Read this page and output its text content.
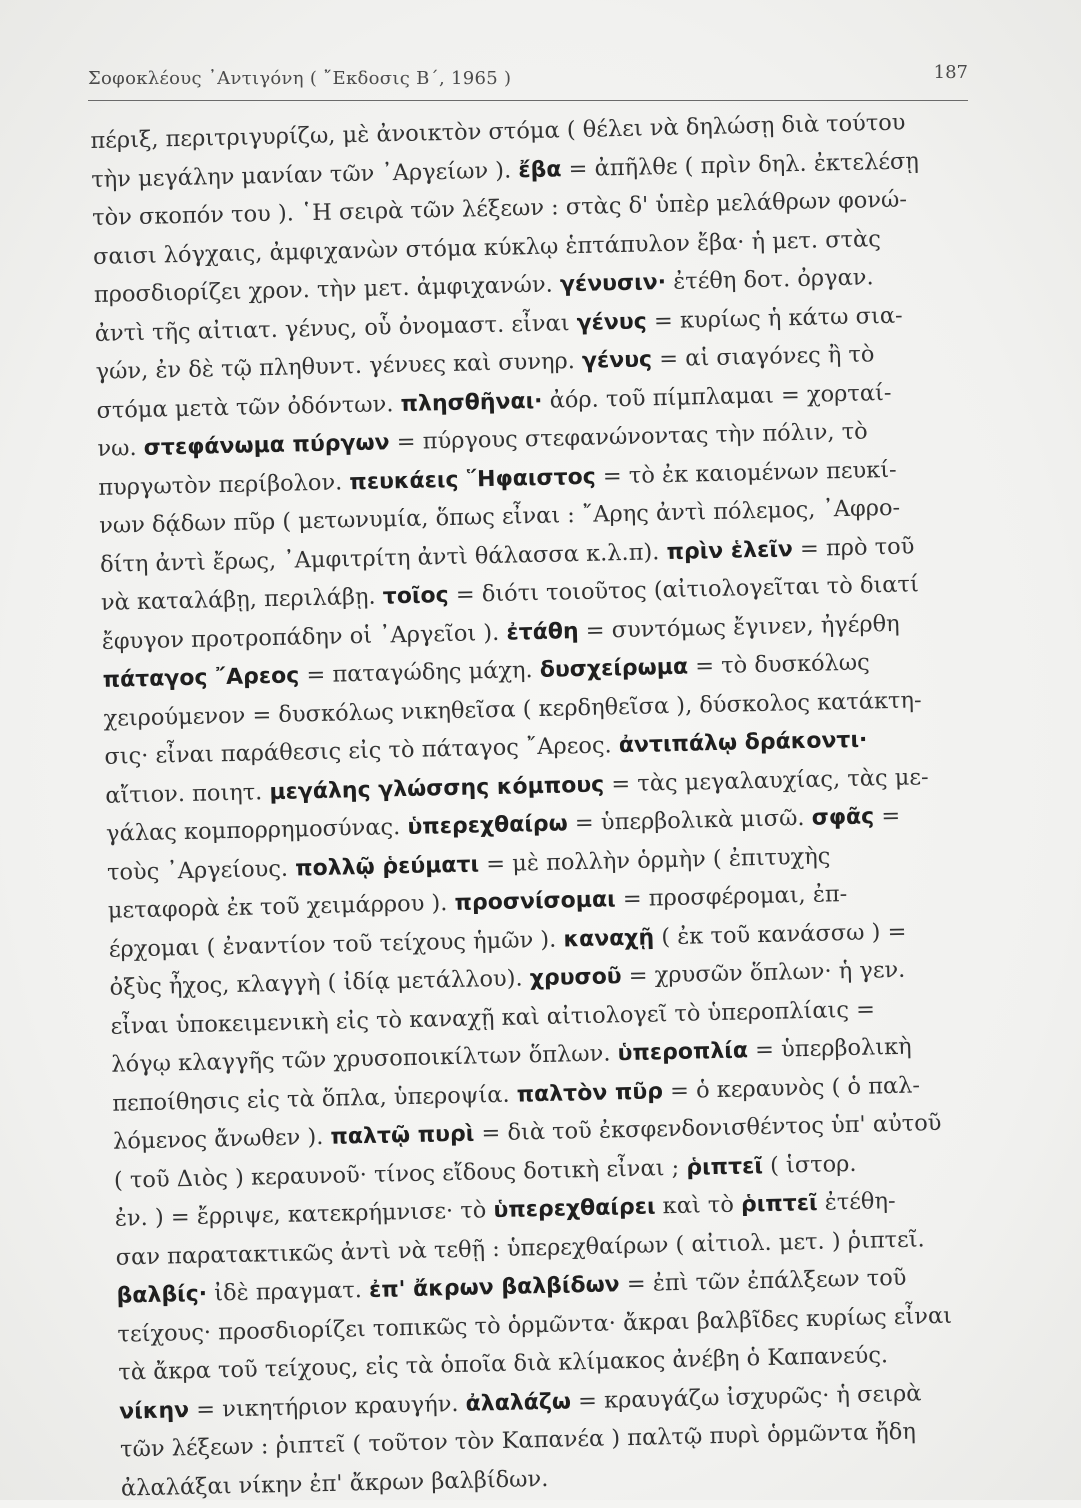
Σοφοκλέους ᾿Αντιγόνη ( ῎Εκδοσις Β΄, 1965 )	187
πέριξ, περιτριγυρίζω, μὲ ἀνοικτὸν στόμα ( θέλει νὰ δηλώσῃ διὰ τούτου
τὴν μεγάλην μανίαν τῶν ᾿Αργείων ). ἔβα = ἀπῆλθε ( πρὶν δηλ. ἐκτελέσῃ
τὸν σκοπόν του ). ῾Η σειρὰ τῶν λέξεων : στὰς δ' ὑπὲρ μελάθρων φονώ-
σαισι λόγχαις, ἀμφιχανὼν στόμα κύκλῳ ἑπτάπυλον ἔβα· ἡ μετ. στὰς
προσδιορίζει χρον. τὴν μετ. ἀμφιχανών. γένυσιν· ἐτέθη δοτ. ὀργαν.
ἀντὶ τῆς αἰτιατ. γένυς, οὗ ὀνομαστ. εἶναι γένυς = κυρίως ἡ κάτω σια-
γών, ἐν δὲ τῷ πληθυντ. γένυες καὶ συνηρ. γένυς = αἱ σιαγόνες ἢ τὸ
στόμα μετὰ τῶν ὀδόντων. πλησθῆναι· ἀόρ. τοῦ πίμπλαμαι = χορταί-
νω. στεφάνωμα πύργων = πύργους στεφανώνοντας τὴν πόλιν, τὸ
πυργωτὸν περίβολον. πευκάεις ῞Ηφαιστος = τὸ ἐκ καιομένων πευκί-
νων δᾴδων πῦρ ( μετωνυμία, ὅπως εἶναι : ῎Αρης ἀντὶ πόλεμος, ᾿Αφρο-
δίτη ἀντὶ ἔρως, ᾿Αμφιτρίτη ἀντὶ θάλασσα κ.λ.π). πρὶν ἑλεῖν = πρὸ τοῦ
νὰ καταλάβῃ, περιλάβῃ. τοῖος = διότι τοιοῦτος (αἰτιολογεῖται τὸ διατί
ἔφυγον προτροπάδην οἱ ᾿Αργεῖοι ). ἐτάθη = συντόμως ἔγινεν, ἠγέρθη
πάταγος ῎Αρεος = παταγώδης μάχη. δυσχείρωμα = τὸ δυσκόλως
χειρούμενον = δυσκόλως νικηθεῖσα ( κερδηθεῖσα ), δύσκολος κατάκτη-
σις· εἶναι παράθεσις εἰς τὸ πάταγος ῎Αρεος. ἀντιπάλῳ δράκοντι·
αἴτιον. ποιητ. μεγάλης γλώσσης κόμπους = τὰς μεγαλαυχίας, τὰς με-
γάλας κομπορρημοσύνας. ὑπερεχθαίρω = ὑπερβολικὰ μισῶ. σφᾶς =
τοὺς ᾿Αργείους. πολλῷ ῥεύματι = μὲ πολλὴν ὁρμὴν ( ἐπιτυχὴς
μεταφορὰ ἐκ τοῦ χειμάρρου ). προσνίσομαι = προσφέρομαι, ἐπ-
έρχομαι ( ἐναντίον τοῦ τείχους ἡμῶν ). καναχῇ ( ἐκ τοῦ κανάσσω ) =
ὀξὺς ἦχος, κλαγγὴ ( ἰδίᾳ μετάλλου). χρυσοῦ = χρυσῶν ὅπλων· ἡ γεν.
εἶναι ὑποκειμενικὴ εἰς τὸ καναχῇ καὶ αἰτιολογεῖ τὸ ὑπεροπλίαις =
λόγῳ κλαγγῆς τῶν χρυσοποικίλτων ὅπλων. ὑπεροπλία = ὑπερβολικὴ
πεποίθησις εἰς τὰ ὅπλα, ὑπεροψία. παλτὸν πῦρ = ὁ κεραυνὸς ( ὁ παλ-
λόμενος ἄνωθεν ). παλτῷ πυρὶ = διὰ τοῦ ἐκσφενδονισθέντος ὑπ' αὐτοῦ
( τοῦ Διὸς ) κεραυνοῦ· τίνος εἴδους δοτικὴ εἶναι ; ῥιπτεῖ ( ἱστορ.
ἐν. ) = ἔρριψε, κατεκρήμνισε· τὸ ὑπερεχθαίρει καὶ τὸ ῥιπτεῖ ἐτέθη-
σαν παρατακτικῶς ἀντὶ νὰ τεθῇ : ὑπερεχθαίρων ( αἰτιολ. μετ. ) ῥιπτεῖ.
βαλβίς· ἰδὲ πραγματ. ἐπ' ἄκρων βαλβίδων = ἐπὶ τῶν ἐπάλξεων τοῦ
τείχους· προσδιορίζει τοπικῶς τὸ ὁρμῶντα· ἄκραι βαλβῖδες κυρίως εἶναι
τὰ ἄκρα τοῦ τείχους, εἰς τὰ ὁποῖα διὰ κλίμακος ἀνέβη ὁ Καπανεύς.
νίκην = νικητήριον κραυγήν. ἀλαλάζω = κραυγάζω ἰσχυρῶς· ἡ σειρὰ
τῶν λέξεων : ῥιπτεῖ ( τοῦτον τὸν Καπανέα ) παλτῷ πυρὶ ὁρμῶντα ἤδη
ἀλαλάξαι νίκην ἐπ' ἄκρων βαλβίδων.
